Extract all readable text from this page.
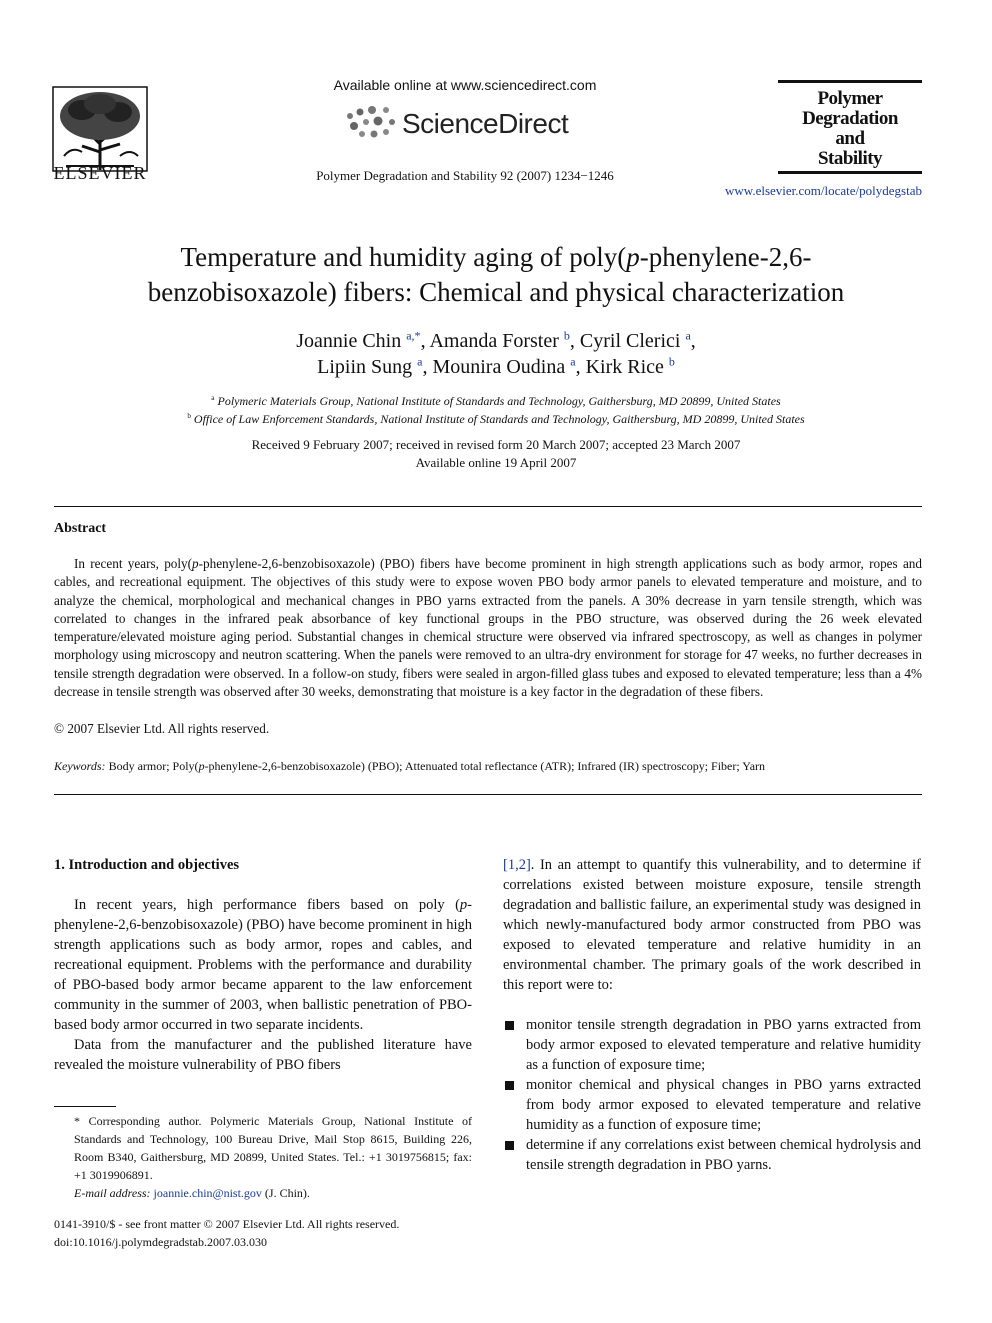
ELSEVIER
Available online at www.sciencedirect.com
ScienceDirect
Polymer Degradation and Stability 92 (2007) 1234−1246
Polymer
Degradation
and
Stability
www.elsevier.com/locate/polydegstab
Temperature and humidity aging of poly(p-phenylene-2,6-
benzobisoxazole) fibers: Chemical and physical characterization
Joannie Chin $^{a,*}$, Amanda Forster $^b$, Cyril Clerici $^a$,
Lipiin Sung $^a$, Mounira Oudina $^a$, Kirk Rice $^b$
$^a$ Polymeric Materials Group, National Institute of Standards and Technology, Gaithersburg, MD 20899, United States
$^b$ Office of Law Enforcement Standards, National Institute of Standards and Technology, Gaithersburg, MD 20899, United States
Received 9 February 2007; received in revised form 20 March 2007; accepted 23 March 2007
Available online 19 April 2007
Abstract
In recent years, poly(p-phenylene-2,6-benzobisoxazole) (PBO) fibers have become prominent in high strength applications such as body armor, ropes and cables, and recreational equipment. The objectives of this study were to expose woven PBO body armor panels to elevated temperature and moisture, and to analyze the chemical, morphological and mechanical changes in PBO yarns extracted from the panels. A 30% decrease in yarn tensile strength, which was correlated to changes in the infrared peak absorbance of key functional groups in the PBO structure, was observed during the 26 week elevated temperature/elevated moisture aging period. Substantial changes in chemical structure were observed via infrared spectroscopy, as well as changes in polymer morphology using microscopy and neutron scattering. When the panels were removed to an ultra-dry environment for storage for 47 weeks, no further decreases in tensile strength degradation were observed. In a follow-on study, fibers were sealed in argon-filled glass tubes and exposed to elevated temperature; less than a 4% decrease in tensile strength was observed after 30 weeks, demonstrating that moisture is a key factor in the degradation of these fibers.
© 2007 Elsevier Ltd. All rights reserved.
Keywords: Body armor; Poly(p-phenylene-2,6-benzobisoxazole) (PBO); Attenuated total reflectance (ATR); Infrared (IR) spectroscopy; Fiber; Yarn
1. Introduction and objectives

In recent years, high performance fibers based on poly (p-phenylene-2,6-benzobisoxazole) (PBO) have become prominent in high strength applications such as body armor, ropes and cables, and recreational equipment. Problems with the performance and durability of PBO-based body armor became apparent to the law enforcement community in the summer of 2003, when ballistic penetration of PBO-based body armor occurred in two separate incidents.

Data from the manufacturer and the published literature have revealed the moisture vulnerability of PBO fibers

* Corresponding author. Polymeric Materials Group, National Institute of Standards and Technology, 100 Bureau Drive, Mail Stop 8615, Building 226, Room B340, Gaithersburg, MD 20899, United States. Tel.: +1 3019756815; fax: +1 3019906891.
E-mail address: joannie.chin@nist.gov (J. Chin).
0141-3910/$ - see front matter © 2007 Elsevier Ltd. All rights reserved.
doi:10.1016/j.polymdegradstab.2007.03.030

[1,2]. In an attempt to quantify this vulnerability, and to determine if correlations existed between moisture exposure, tensile strength degradation and ballistic failure, an experimental study was designed in which newly-manufactured body armor constructed from PBO was exposed to elevated temperature and relative humidity in an environmental chamber. The primary goals of the work described in this report were to:

monitor tensile strength degradation in PBO yarns extracted from body armor exposed to elevated temperature and relative humidity as a function of exposure time;
monitor chemical and physical changes in PBO yarns extracted from body armor exposed to elevated temperature and relative humidity as a function of exposure time;
determine if any correlations exist between chemical hydrolysis and tensile strength degradation in PBO yarns.
